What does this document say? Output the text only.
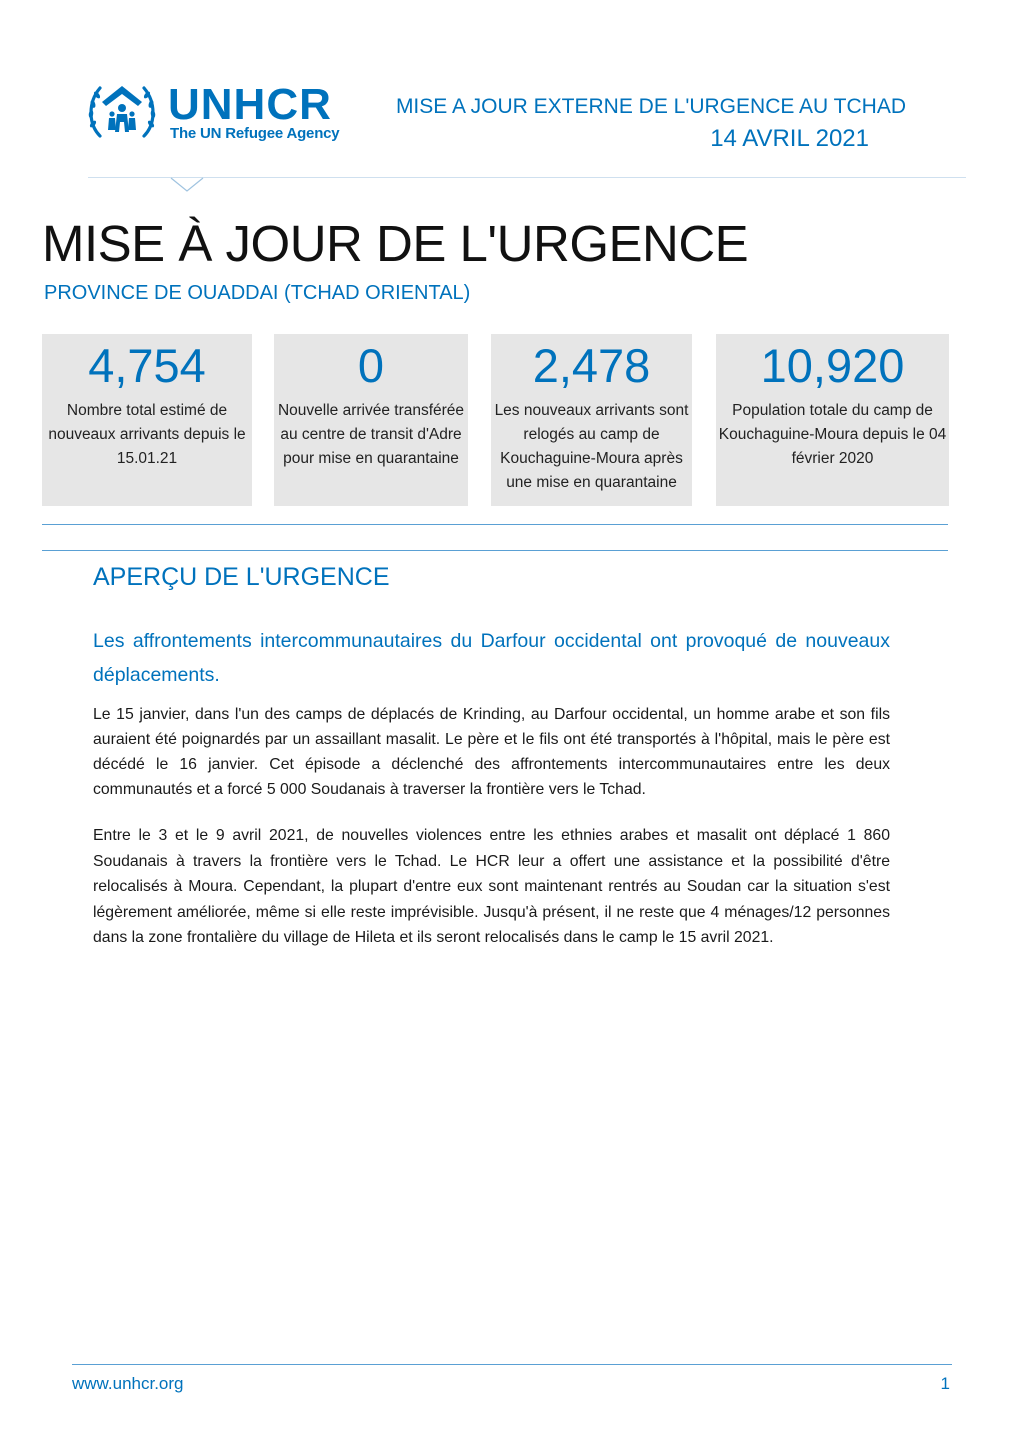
UNHCR
The UN Refugee Agency
MISE A JOUR EXTERNE DE L'URGENCE AU TCHAD
14 AVRIL 2021
MISE À JOUR DE L'URGENCE
PROVINCE DE OUADDAI (TCHAD ORIENTAL)
4,754
Nombre total estimé de nouveaux arrivants depuis le 15.01.21
0
Nouvelle arrivée transférée au centre de transit d'Adre pour mise en quarantaine
2,478
Les nouveaux arrivants sont relogés au camp de Kouchaguine-Moura après une mise en quarantaine
10,920
Population totale du camp de Kouchaguine-Moura depuis le 04 février 2020
APERÇU DE L'URGENCE
Les affrontements intercommunautaires du Darfour occidental ont provoqué de nouveaux déplacements.
Le 15 janvier, dans l'un des camps de déplacés de Krinding, au Darfour occidental, un homme arabe et son fils auraient été poignardés par un assaillant masalit. Le père et le fils ont été transportés à l'hôpital, mais le père est décédé le 16 janvier. Cet épisode a déclenché des affrontements intercommunautaires entre les deux communautés et a forcé 5 000 Soudanais à traverser la frontière vers le Tchad.
Entre le 3 et le 9 avril 2021, de nouvelles violences entre les ethnies arabes et masalit ont déplacé 1 860 Soudanais à travers la frontière vers le Tchad. Le HCR leur a offert une assistance et la possibilité d'être relocalisés à Moura. Cependant, la plupart d'entre eux sont maintenant rentrés au Soudan car la situation s'est légèrement améliorée, même si elle reste imprévisible. Jusqu'à présent, il ne reste que 4 ménages/12 personnes dans la zone frontalière du village de Hileta et ils seront relocalisés dans le camp le 15 avril 2021.
www.unhcr.org	1
